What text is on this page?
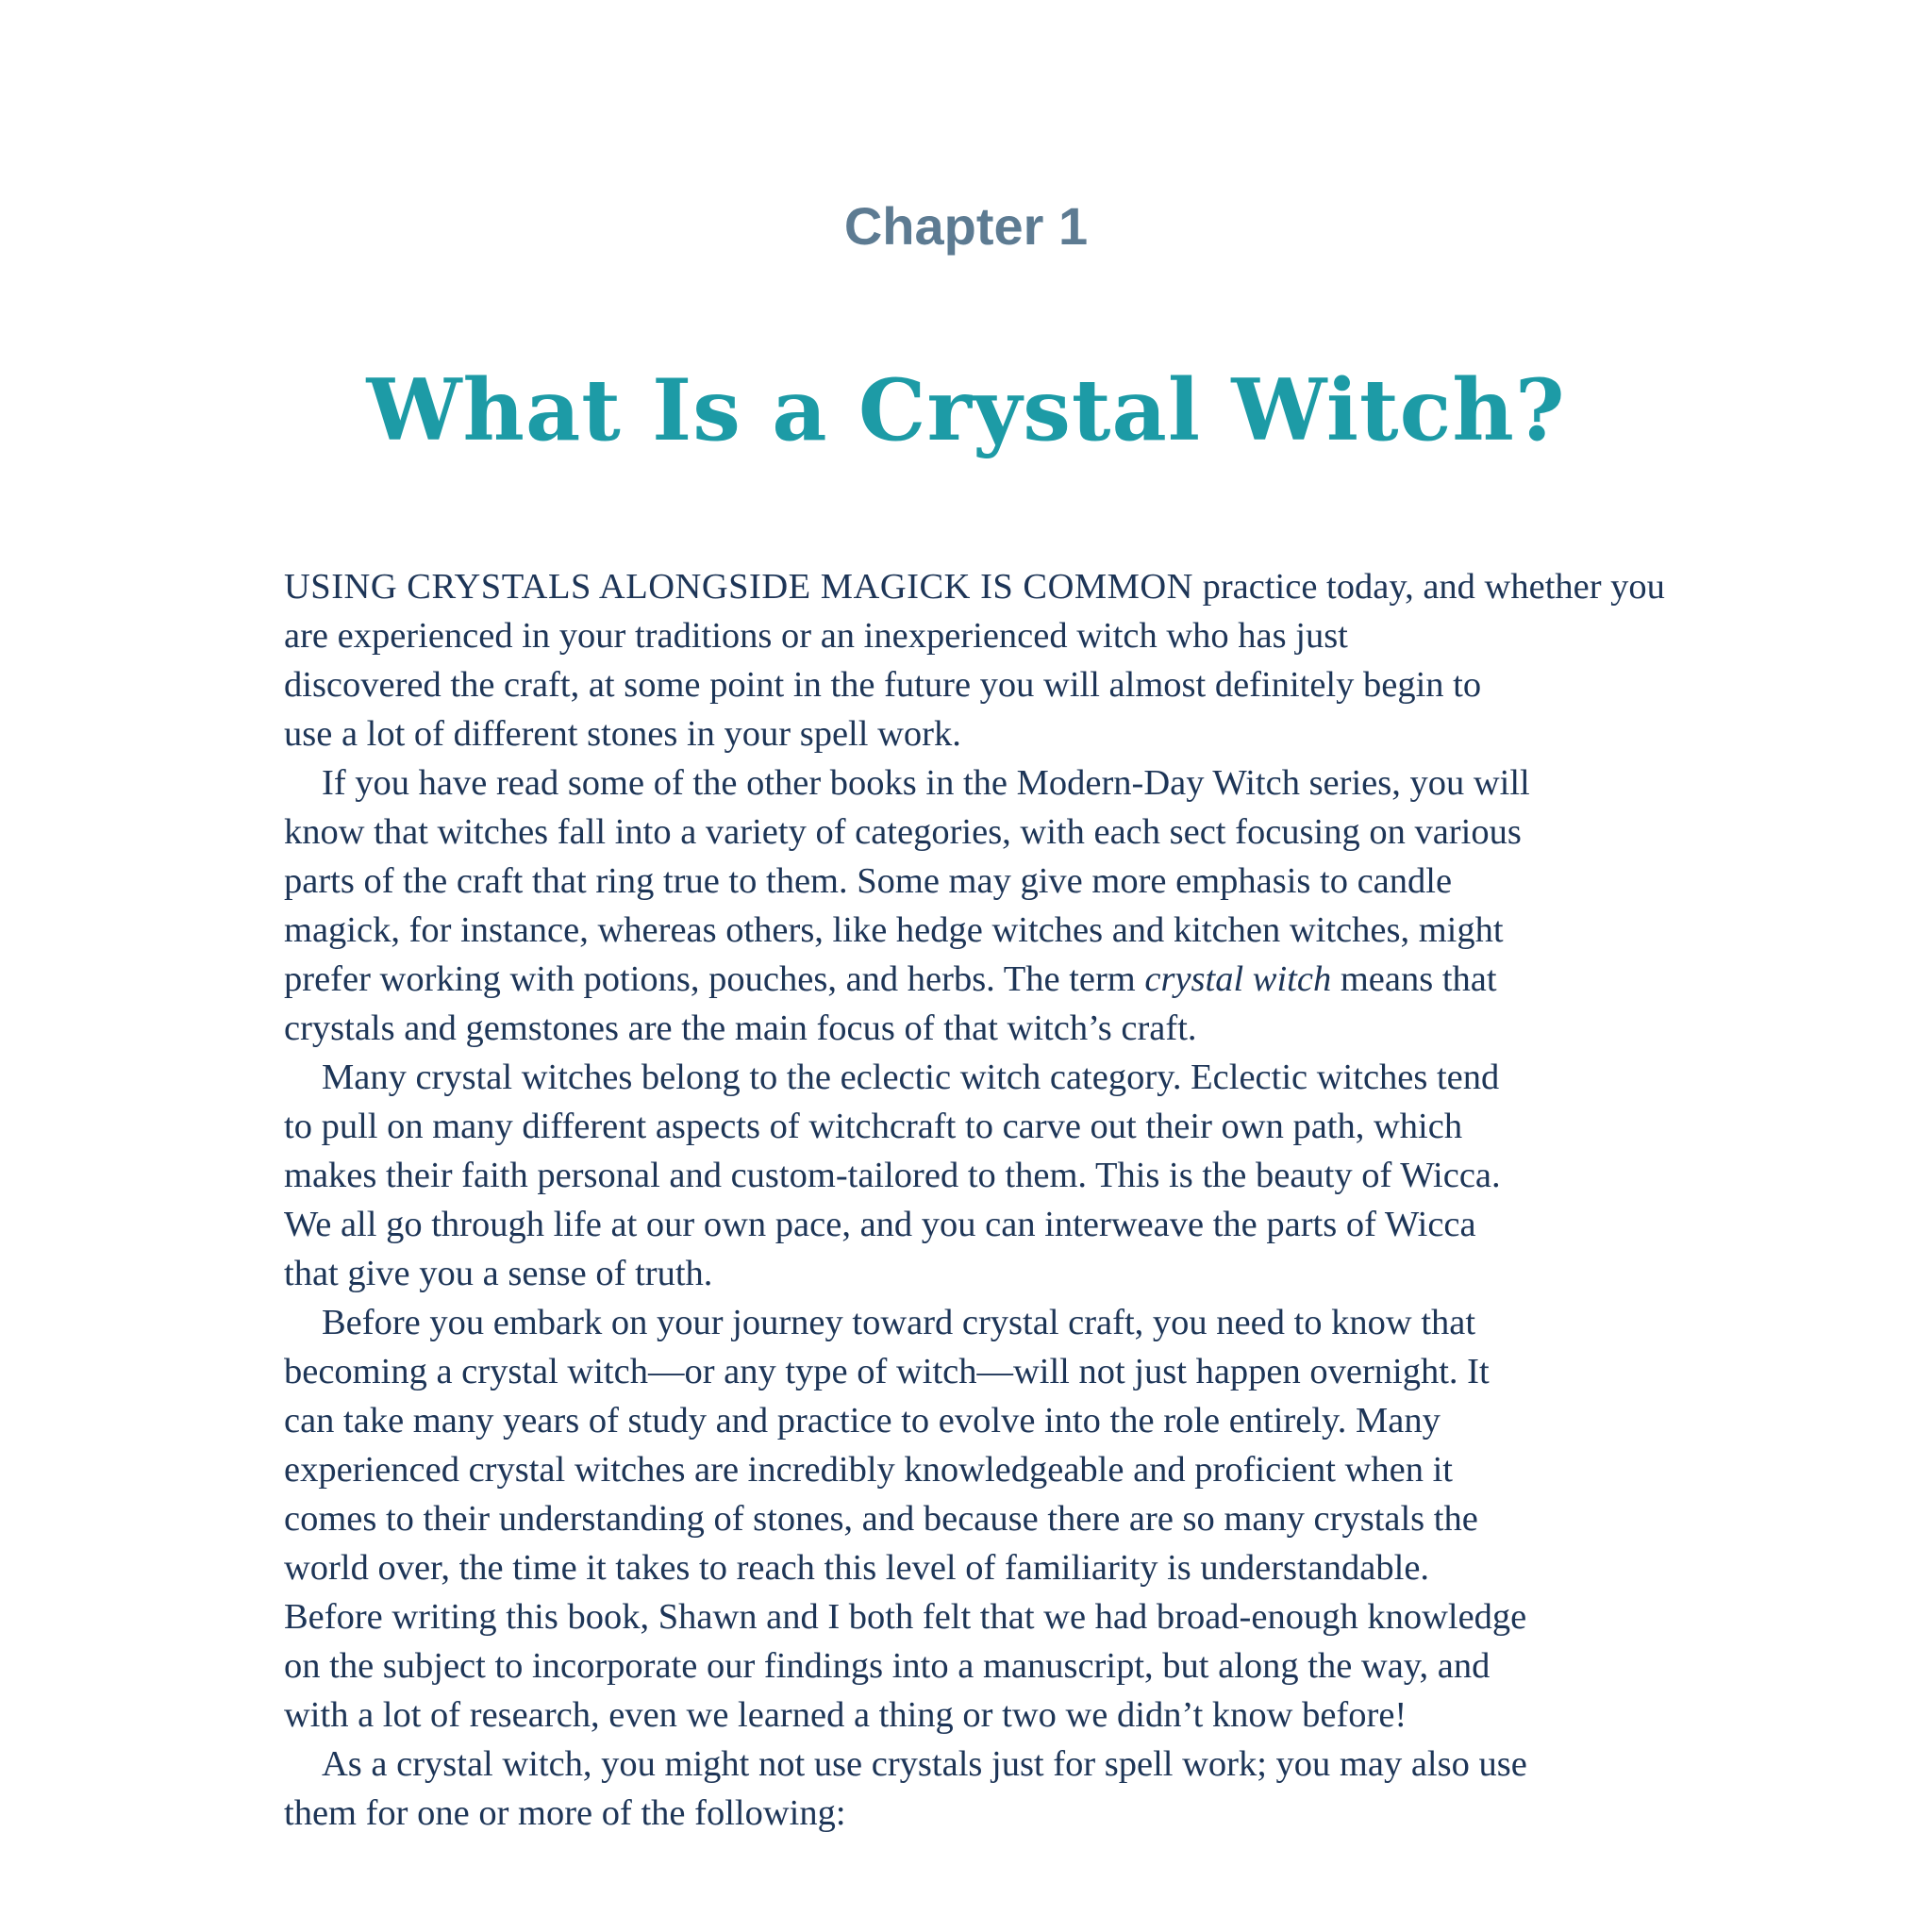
Chapter 1
What Is a Crystal Witch?

USING CRYSTALS ALONGSIDE MAGICK IS COMMON practice today, and whether you
are experienced in your traditions or an inexperienced witch who has just
discovered the craft, at some point in the future you will almost definitely begin to
use a lot of different stones in your spell work.

If you have read some of the other books in the Modern-Day Witch series, you will
know that witches fall into a variety of categories, with each sect focusing on various
parts of the craft that ring true to them. Some may give more emphasis to candle
magick, for instance, whereas others, like hedge witches and kitchen witches, might
prefer working with potions, pouches, and herbs. The term crystal witch means that
crystals and gemstones are the main focus of that witch’s craft.

Many crystal witches belong to the eclectic witch category. Eclectic witches tend
to pull on many different aspects of witchcraft to carve out their own path, which
makes their faith personal and custom-tailored to them. This is the beauty of Wicca.
We all go through life at our own pace, and you can interweave the parts of Wicca
that give you a sense of truth.

Before you embark on your journey toward crystal craft, you need to know that
becoming a crystal witch—or any type of witch—will not just happen overnight. It
can take many years of study and practice to evolve into the role entirely. Many
experienced crystal witches are incredibly knowledgeable and proficient when it
comes to their understanding of stones, and because there are so many crystals the
world over, the time it takes to reach this level of familiarity is understandable.
Before writing this book, Shawn and I both felt that we had broad-enough knowledge
on the subject to incorporate our findings into a manuscript, but along the way, and
with a lot of research, even we learned a thing or two we didn’t know before!

As a crystal witch, you might not use crystals just for spell work; you may also use
them for one or more of the following:
